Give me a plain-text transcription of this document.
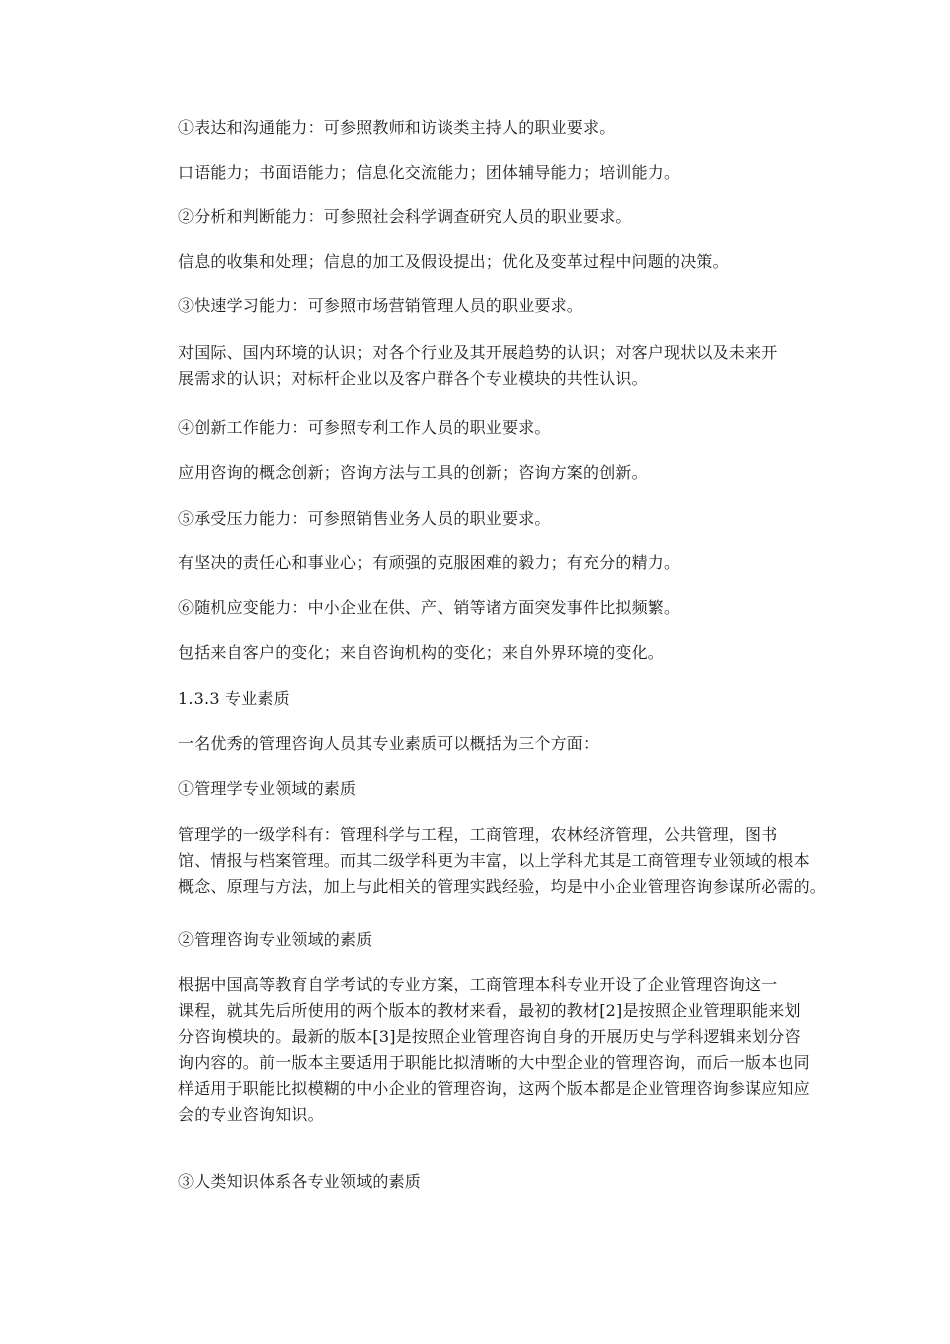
①表达和沟通能力：可参照教师和访谈类主持人的职业要求。
口语能力；书面语能力；信息化交流能力；团体辅导能力；培训能力。
②分析和判断能力：可参照社会科学调查研究人员的职业要求。
信息的收集和处理；信息的加工及假设提出；优化及变革过程中问题的决策。
③快速学习能力：可参照市场营销管理人员的职业要求。
对国际、国内环境的认识；对各个行业及其开展趋势的认识；对客户现状以及未来开
展需求的认识；对标杆企业以及客户群各个专业模块的共性认识。
④创新工作能力：可参照专利工作人员的职业要求。
应用咨询的概念创新；咨询方法与工具的创新；咨询方案的创新。
⑤承受压力能力：可参照销售业务人员的职业要求。
有坚决的责任心和事业心；有顽强的克服困难的毅力；有充分的精力。
⑥随机应变能力：中小企业在供、产、销等诸方面突发事件比拟频繁。
包括来自客户的变化；来自咨询机构的变化；来自外界环境的变化。
1.3.3 专业素质
一名优秀的管理咨询人员其专业素质可以概括为三个方面：
①管理学专业领域的素质
管理学的一级学科有：管理科学与工程，工商管理，农林经济管理，公共管理，图书
馆、情报与档案管理。而其二级学科更为丰富，以上学科尤其是工商管理专业领域的根本
概念、原理与方法，加上与此相关的管理实践经验，均是中小企业管理咨询参谋所必需的。
②管理咨询专业领域的素质
根据中国高等教育自学考试的专业方案，工商管理本科专业开设了企业管理咨询这一
课程，就其先后所使用的两个版本的教材来看，最初的教材[2]是按照企业管理职能来划
分咨询模块的。最新的版本[3]是按照企业管理咨询自身的开展历史与学科逻辑来划分咨
询内容的。前一版本主要适用于职能比拟清晰的大中型企业的管理咨询，而后一版本也同
样适用于职能比拟模糊的中小企业的管理咨询，这两个版本都是企业管理咨询参谋应知应
会的专业咨询知识。
③人类知识体系各专业领域的素质
